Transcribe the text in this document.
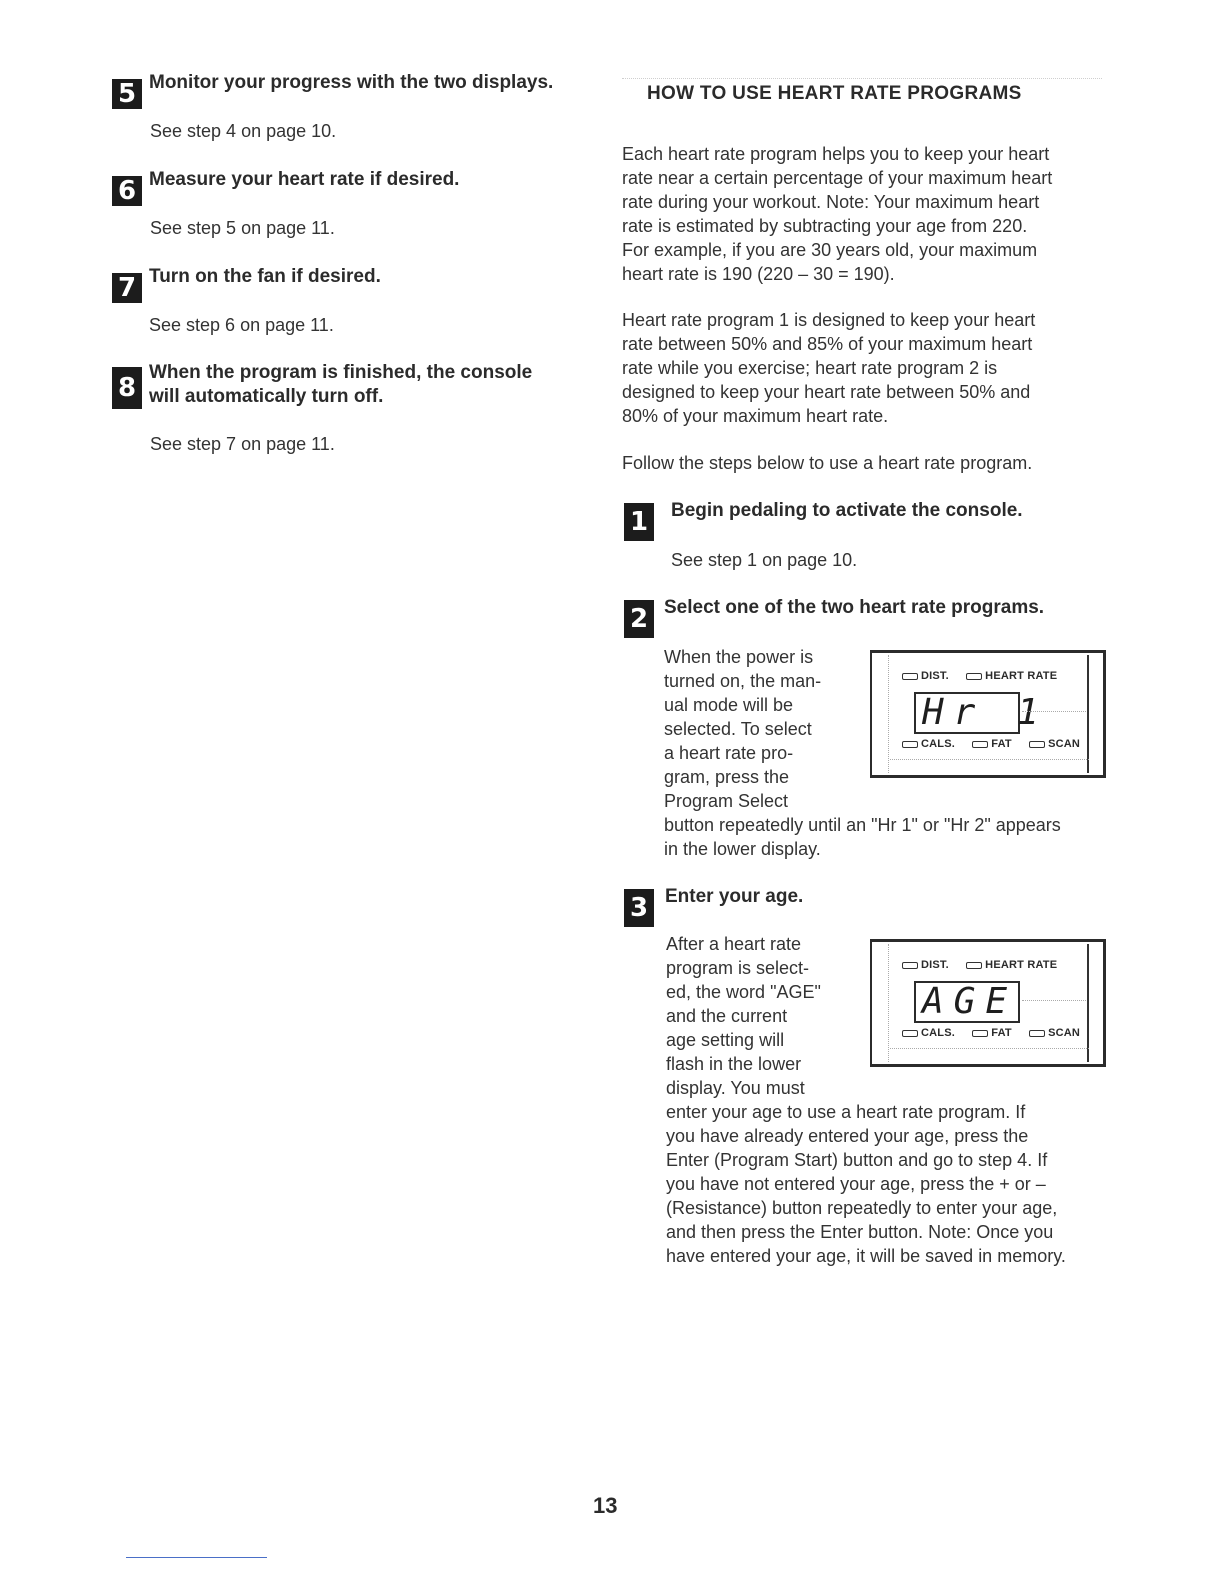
5 Monitor your progress with the two displays.
See step 4 on page 10.
6 Measure your heart rate if desired.
See step 5 on page 11.
7 Turn on the fan if desired.
See step 6 on page 11.
8
When the program is finished, the console
will automatically turn off.
See step 7 on page 11.
HOW TO USE HEART RATE PROGRAMS
Each heart rate program helps you to keep your heart
rate near a certain percentage of your maximum heart
rate during your workout. Note: Your maximum heart
rate is estimated by subtracting your age from 220.
For example, if you are 30 years old, your maximum
heart rate is 190 (220 – 30 = 190).
Heart rate program 1 is designed to keep your heart
rate between 50% and 85% of your maximum heart
rate while you exercise; heart rate program 2 is
designed to keep your heart rate between 50% and
80% of your maximum heart rate.
Follow the steps below to use a heart rate program.
1	Begin pedaling to activate the console.
See step 1 on page 10.
2 Select one of the two heart rate programs.
When the power is
turned on, the man-
ual mode will be
selected. To select
a heart rate pro-
gram, press the
Program Select
button repeatedly until an "Hr 1" or "Hr 2" appears
in the lower display.
DIST.	HEART RATE
Hr 1
CALS.	FAT	SCAN
3 Enter your age.
After a heart rate
program is select-
ed, the word "AGE"
and the current
age setting will
flash in the lower
display. You must
enter your age to use a heart rate program. If
you have already entered your age, press the
Enter (Program Start) button and go to step 4. If
you have not entered your age, press the + or –
(Resistance) button repeatedly to enter your age,
and then press the Enter button. Note: Once you
have entered your age, it will be saved in memory.
DIST.	HEART RATE
AGE
CALS.	FAT	SCAN
13
